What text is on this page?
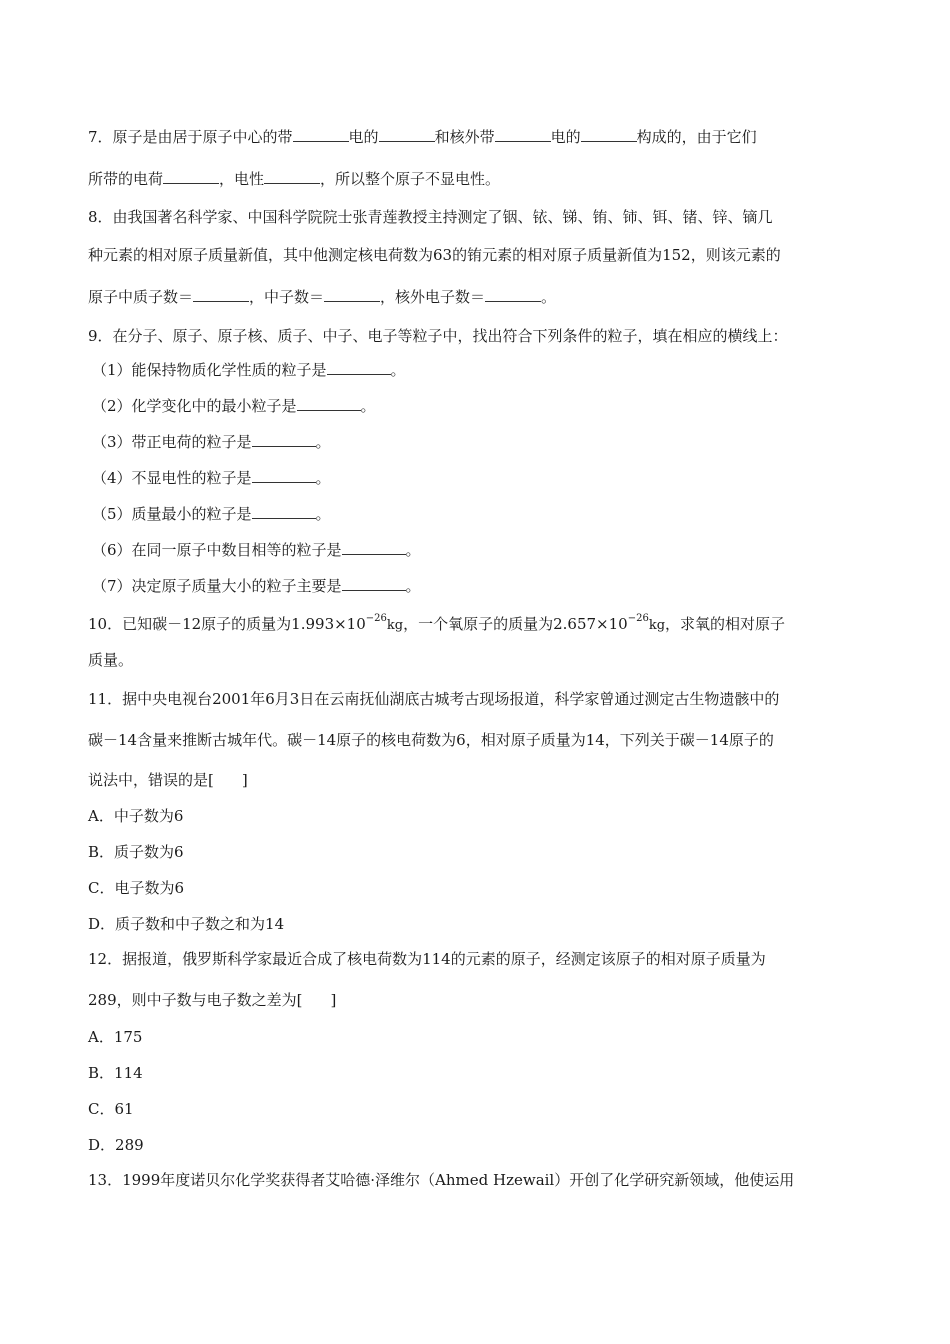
7．原子是由居于原子中心的带	电的	和核外带	电的	构成的，由于它们
所带的电荷	，电性	，所以整个原子不显电性。
8．由我国著名科学家、中国科学院院士张青莲教授主持测定了铟、铱、锑、铕、铈、铒、锗、锌、镝几
种元素的相对原子质量新值，其中他测定核电荷数为63的铕元素的相对原子质量新值为152，则该元素的
原子中质子数＝	，中子数＝	，核外电子数＝	。
9．在分子、原子、原子核、质子、中子、电子等粒子中，找出符合下列条件的粒子，填在相应的横线上：
（1）能保持物质化学性质的粒子是	。
（2）化学变化中的最小粒子是	。
（3）带正电荷的粒子是	。
（4）不显电性的粒子是	。
（5）质量最小的粒子是	。
（6）在同一原子中数目相等的粒子是	。
（7）决定原子质量大小的粒子主要是	。
10．已知碳－12原子的质量为$1.993\times 10^{-26}kg$，一个氧原子的质量为$2.657\times 10^{-26}kg$，求氧的相对原子
质量。
11．据中央电视台2001年6月3日在云南抚仙湖底古城考古现场报道，科学家曾通过测定古生物遗骸中的
碳－14含量来推断古城年代。碳－14原子的核电荷数为6，相对原子质量为14，下列关于碳－14原子的
说法中，错误的是[ ]
A．中子数为6
B．质子数为6
C．电子数为6
D．质子数和中子数之和为14
12．据报道，俄罗斯科学家最近合成了核电荷数为114的元素的原子，经测定该原子的相对原子质量为
289，则中子数与电子数之差为[ ]
A．175
B．114
C．61
D．289
13．1999年度诺贝尔化学奖获得者艾哈德·泽维尔（Ahmed Hzewail）开创了化学研究新领域，他使运用
